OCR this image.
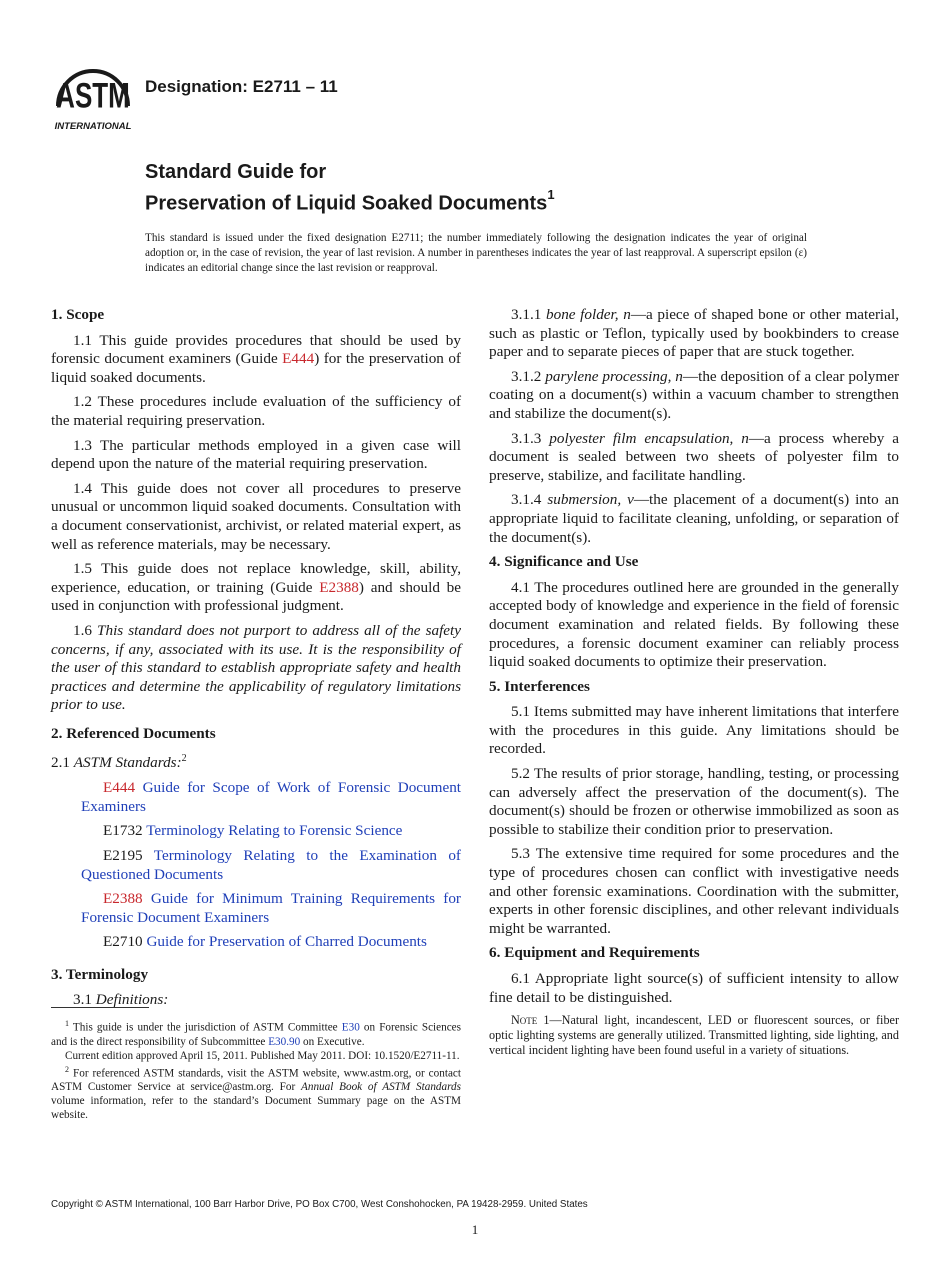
ASTM
INTERNATIONAL
Designation: E2711 – 11
Standard Guide for
Preservation of Liquid Soaked Documents$^1$
This standard is issued under the fixed designation E2711; the number immediately following the designation indicates the year of original adoption or, in the case of revision, the year of last revision. A number in parentheses indicates the year of last reapproval. A superscript epsilon (ε) indicates an editorial change since the last revision or reapproval.
1. Scope

1.1 This guide provides procedures that should be used by forensic document examiners (Guide E444) for the preservation of liquid soaked documents.

1.2 These procedures include evaluation of the sufficiency of the material requiring preservation.

1.3 The particular methods employed in a given case will depend upon the nature of the material requiring preservation.

1.4 This guide does not cover all procedures to preserve unusual or uncommon liquid soaked documents. Consultation with a document conservationist, archivist, or related material expert, as well as reference materials, may be necessary.

1.5 This guide does not replace knowledge, skill, ability, experience, education, or training (Guide E2388) and should be used in conjunction with professional judgment.

1.6 This standard does not purport to address all of the safety concerns, if any, associated with its use. It is the responsibility of the user of this standard to establish appropriate safety and health practices and determine the applicability of regulatory limitations prior to use.

2. Referenced Documents

2.1 ASTM Standards:$^2$

E444 Guide for Scope of Work of Forensic Document Examiners

E1732 Terminology Relating to Forensic Science

E2195 Terminology Relating to the Examination of Questioned Documents

E2388 Guide for Minimum Training Requirements for Forensic Document Examiners

E2710 Guide for Preservation of Charred Documents

3. Terminology

3.1 Definitions:

3.1.1 bone folder, n—a piece of shaped bone or other material, such as plastic or Teflon, typically used by bookbinders to crease paper and to separate pieces of paper that are stuck together.

3.1.2 parylene processing, n—the deposition of a clear polymer coating on a document(s) within a vacuum chamber to strengthen and stabilize the document(s).

3.1.3 polyester film encapsulation, n—a process whereby a document is sealed between two sheets of polyester film to preserve, stabilize, and facilitate handling.

3.1.4 submersion, v—the placement of a document(s) into an appropriate liquid to facilitate cleaning, unfolding, or separation of the document(s).

4. Significance and Use

4.1 The procedures outlined here are grounded in the generally accepted body of knowledge and experience in the field of forensic document examination and related fields. By following these procedures, a forensic document examiner can reliably process liquid soaked documents to optimize their preservation.

5. Interferences

5.1 Items submitted may have inherent limitations that interfere with the procedures in this guide. Any limitations should be recorded.

5.2 The results of prior storage, handling, testing, or processing can adversely affect the preservation of the document(s). The document(s) should be frozen or otherwise immobilized as soon as possible to stabilize their condition prior to preservation.

5.3 The extensive time required for some procedures and the type of procedures chosen can conflict with investigative needs and other forensic examinations. Coordination with the submitter, experts in other forensic disciplines, and other relevant individuals might be warranted.

6. Equipment and Requirements

6.1 Appropriate light source(s) of sufficient intensity to allow fine detail to be distinguished.

Note 1—Natural light, incandescent, LED or fluorescent sources, or fiber optic lighting systems are generally utilized. Transmitted lighting, side lighting, and vertical incident lighting have been found useful in a variety of situations.

$^1$ This guide is under the jurisdiction of ASTM Committee E30 on Forensic Sciences and is the direct responsibility of Subcommittee E30.90 on Executive.

Current edition approved April 15, 2011. Published May 2011. DOI: 10.1520/E2711-11.

$^2$ For referenced ASTM standards, visit the ASTM website, www.astm.org, or contact ASTM Customer Service at service@astm.org. For Annual Book of ASTM Standards volume information, refer to the standard’s Document Summary page on the ASTM website.

Copyright © ASTM International, 100 Barr Harbor Drive, PO Box C700, West Conshohocken, PA 19428-2959. United States
1
